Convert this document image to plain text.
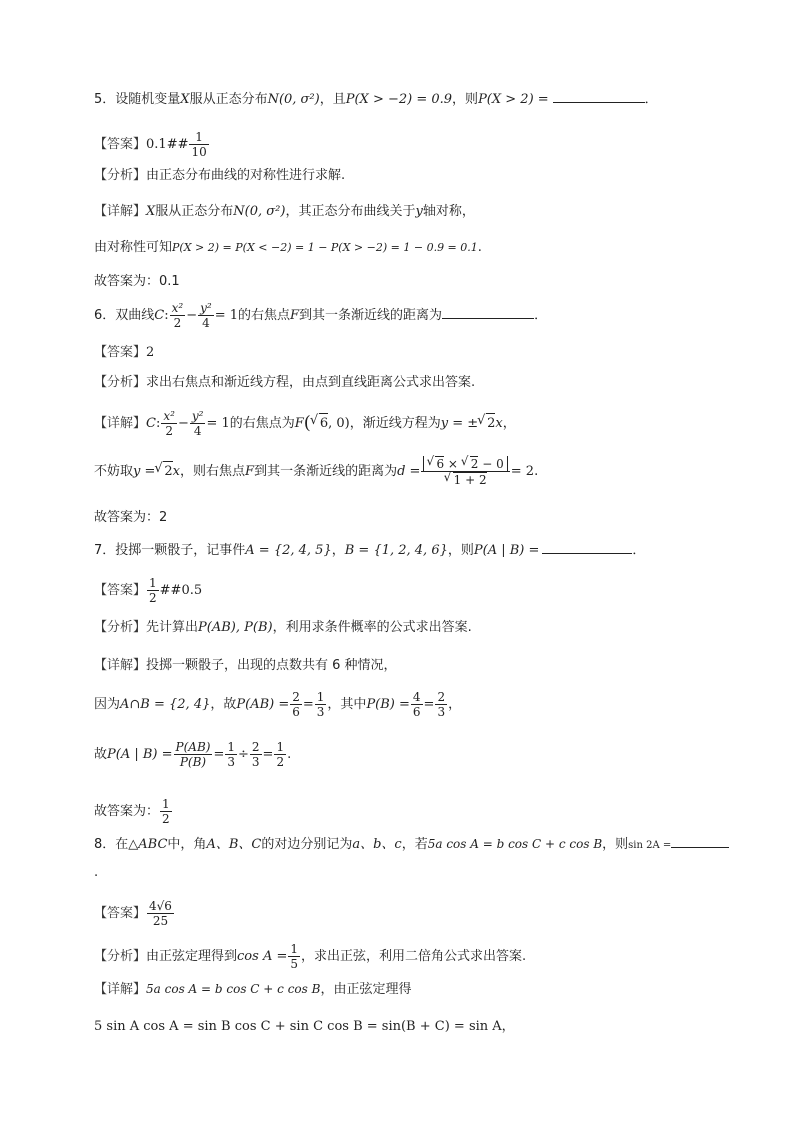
5．设随机变量X服从正态分布N(0, σ²)，且P(X > −2) = 0.9，则P(X > 2) =	．
【答案】0.1## $\frac{1}{10}$
【分析】由正态分布曲线的对称性进行求解.
【详解】X服从正态分布N(0, σ²)，其正态分布曲线关于y轴对称，
由对称性可知P(X > 2) = P(X < −2) = 1 − P(X > −2) = 1 − 0.9 = 0.1.
故答案为：0.1
6．双曲线C: $\frac{\text{x²}}{2} - \frac{\text{y²}}{4} = 1$的右焦点F到其一条渐近线的距离为	．
【答案】2
【分析】求出右焦点和渐近线方程，由点到直线距离公式求出答案.
【详解】C: $\frac{\text{x²}}{2} - \frac{\text{y²}}{4} = 1$的右焦点为F( √ 6, 0)，渐近线方程为y = ± √ 2x，
不妨取y = √ 2x，则右焦点F到其一条渐近线的距离为d = √ 6 × √ 2 − 0
√ 1 + 2 = 2.
故答案为：2
7．投掷一颗骰子，记事件A = {2, 4, 5}，B = {1, 2, 4, 6}，则P(A | B) =	．
【答案】 $\frac{1}{2}$ ##0.5
【分析】先计算出P(AB), P(B)，利用求条件概率的公式求出答案.
【详解】投掷一颗骰子，出现的点数共有 6 种情况，
因为A∩B = {2, 4}，故$P(AB) = \frac{2}{6} = \frac{1}{3}$ ，其中$P(B) = \frac{4}{6} = \frac{2}{3}$ ，
故P(A | $B) = \frac{P(AB)}{P(B)} = \frac{1}{3} \div \frac{2}{3} = \frac{1}{2}$ .
故答案为： $\frac{1}{2}$
8．在△ABC中，角A、B、C的对边分别记为a、b、c，若5a cos A = b cos C + c cos B，则sin 2A =
.
【答案】 $\frac{4√6}{25}$
【分析】由正弦定理得到$\cos A = \frac{1}{5}$ ，求出正弦，利用二倍角公式求出答案.
【详解】5a cos A = b cos C + c cos B，由正弦定理得
5 sin A cos A = sin B cos C + sin C cos B = sin(B + C) = sin A，
